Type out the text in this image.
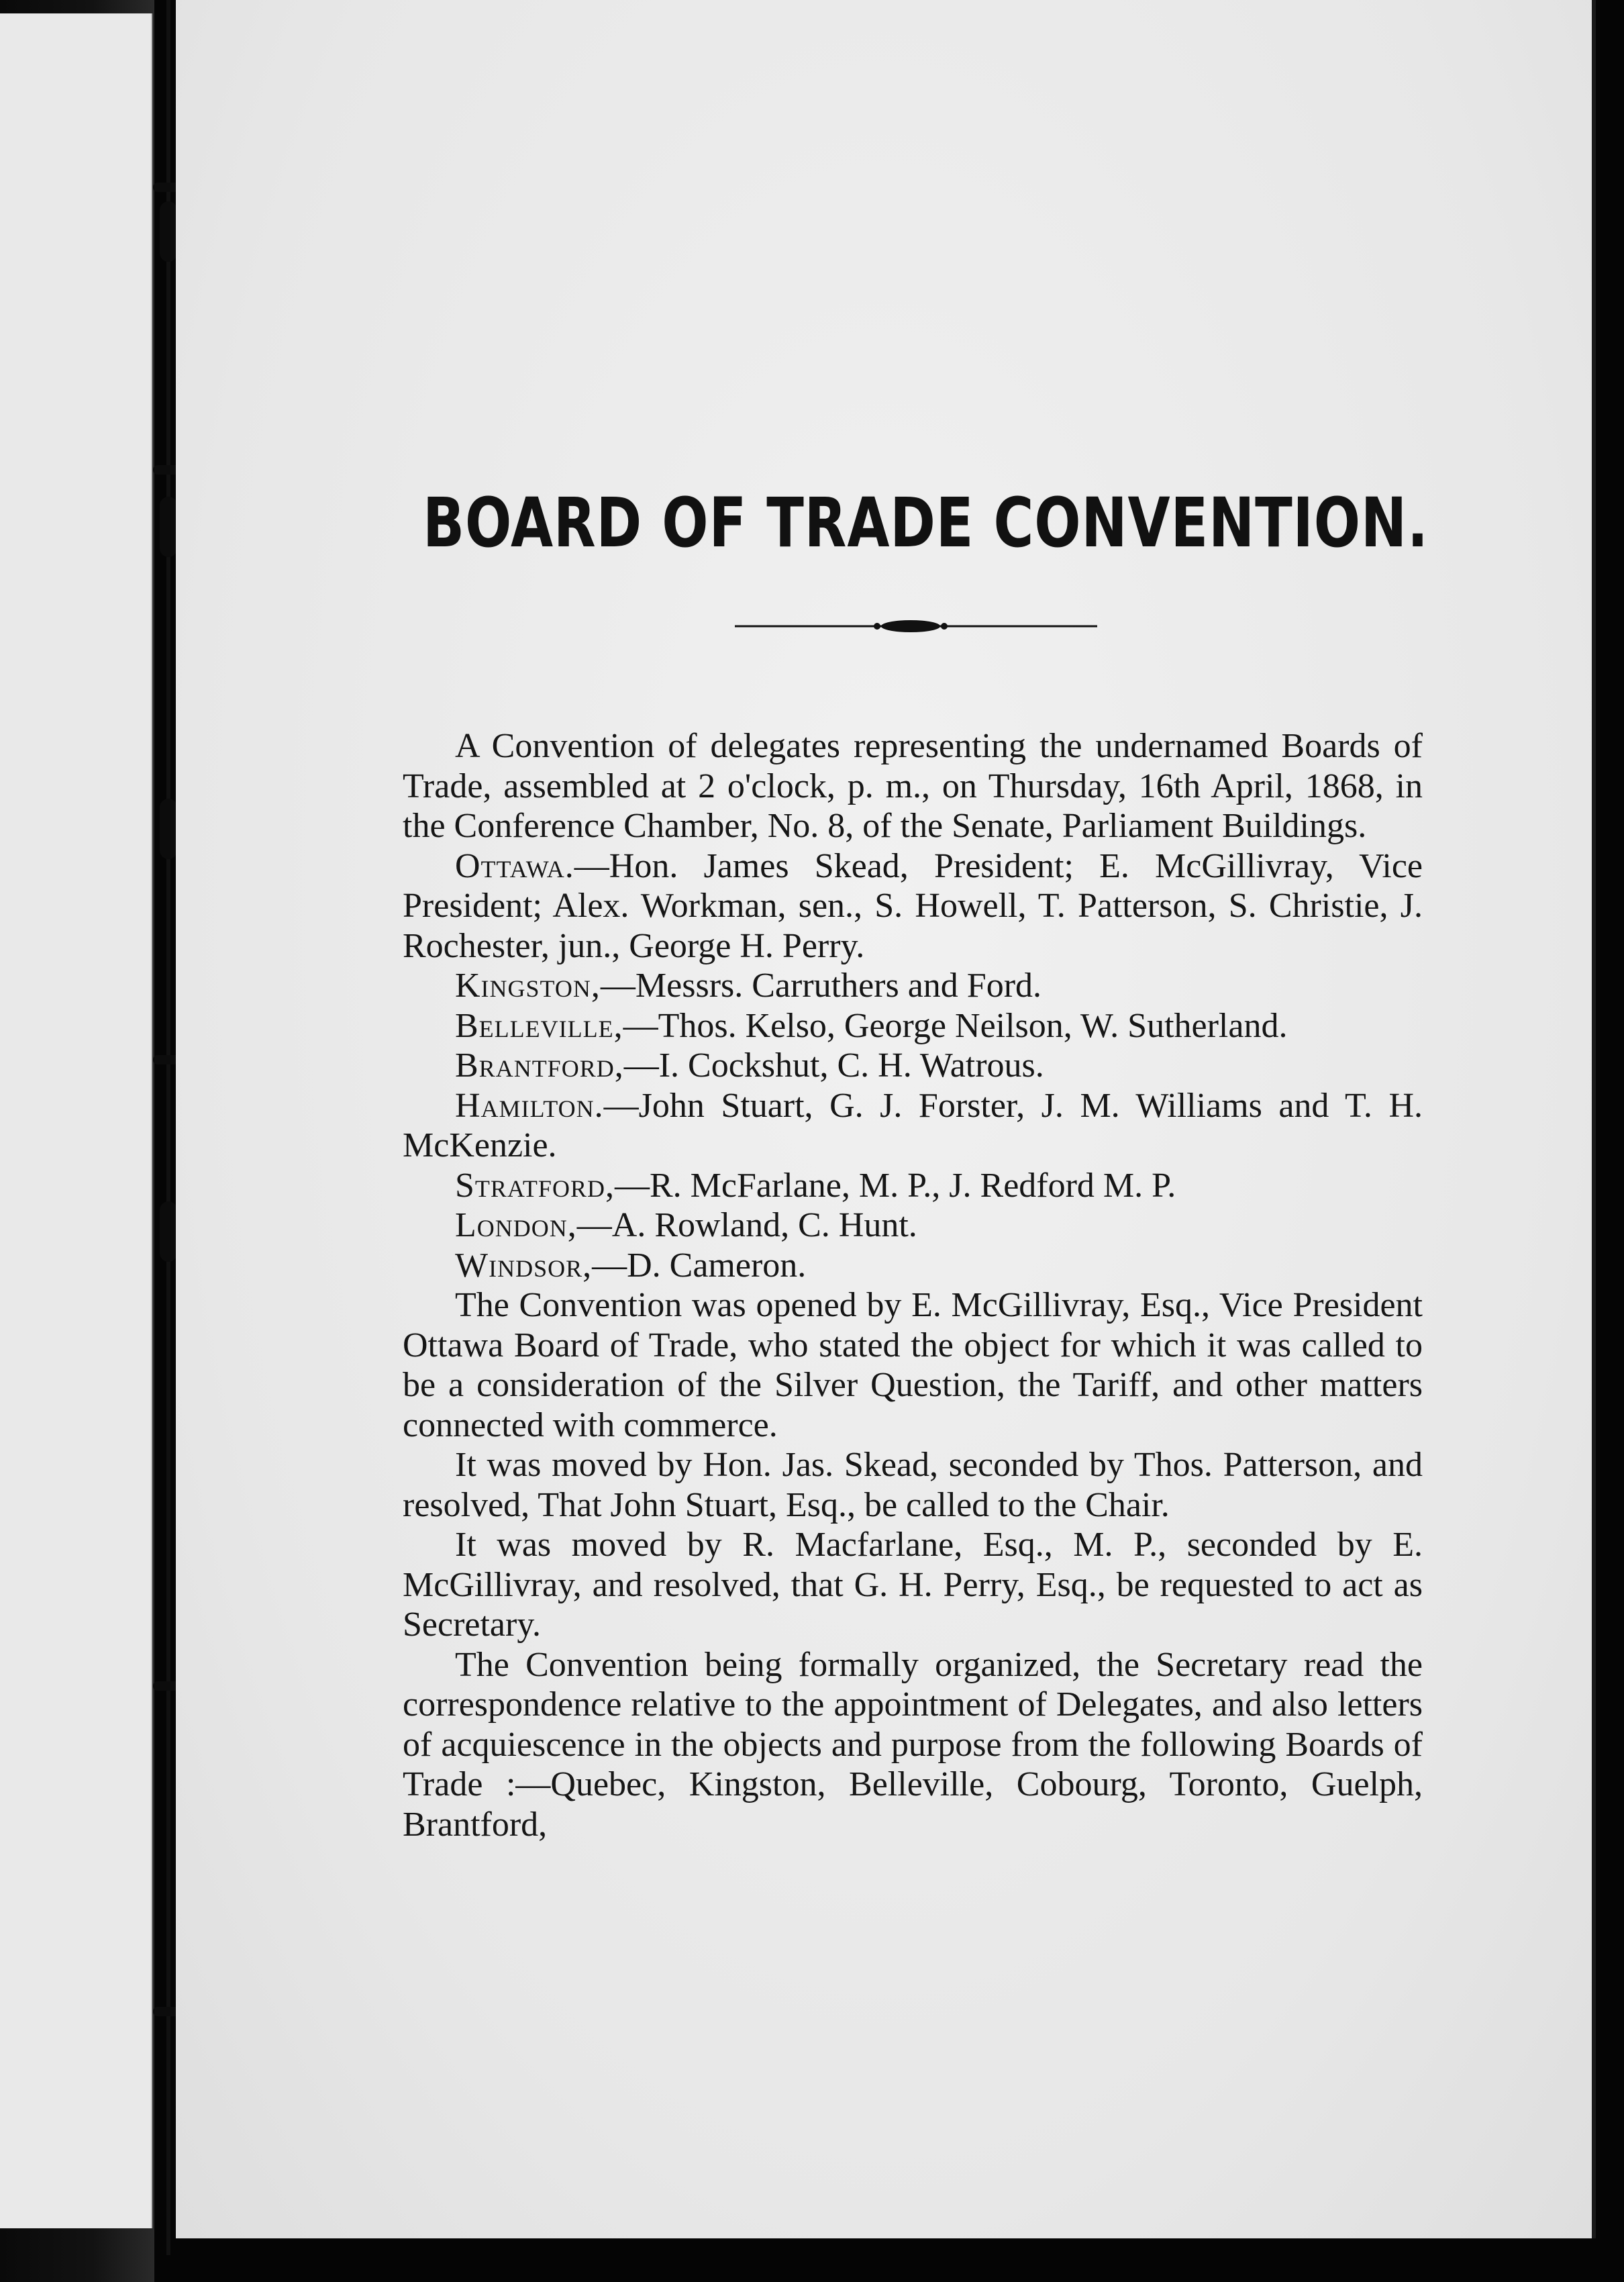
BOARD OF TRADE CONVENTION.

A Convention of delegates representing the undernamed Boards of Trade, assembled at 2 o'clock, p. m., on Thursday, 16th April, 1868, in the Conference Chamber, No. 8, of the Senate, Parliament Buildings.

Ottawa.—Hon. James Skead, President; E. McGillivray, Vice President; Alex. Workman, sen., S. Howell, T. Patterson, S. Christie, J. Rochester, jun., George H. Perry.

Kingston,—Messrs. Carruthers and Ford.

Belleville,—Thos. Kelso, George Neilson, W. Sutherland.

Brantford,—I. Cockshut, C. H. Watrous.

Hamilton.—John Stuart, G. J. Forster, J. M. Williams and T. H. McKenzie.

Stratford,—R. McFarlane, M. P., J. Redford M. P.

London,—A. Rowland, C. Hunt.

Windsor,—D. Cameron.

The Convention was opened by E. McGillivray, Esq., Vice President Ottawa Board of Trade, who stated the object for which it was called to be a consideration of the Silver Question, the Tariff, and other matters connected with commerce.

It was moved by Hon. Jas. Skead, seconded by Thos. Patterson, and resolved, That John Stuart, Esq., be called to the Chair.

It was moved by R. Macfarlane, Esq., M. P., seconded by E. McGillivray, and resolved, that G. H. Perry, Esq., be requested to act as Secretary.

The Convention being formally organized, the Secretary read the correspondence relative to the appointment of Delegates, and also letters of acquiescence in the objects and purpose from the following Boards of Trade :—Quebec, Kingston, Belleville, Cobourg, Toronto, Guelph, Brantford,
